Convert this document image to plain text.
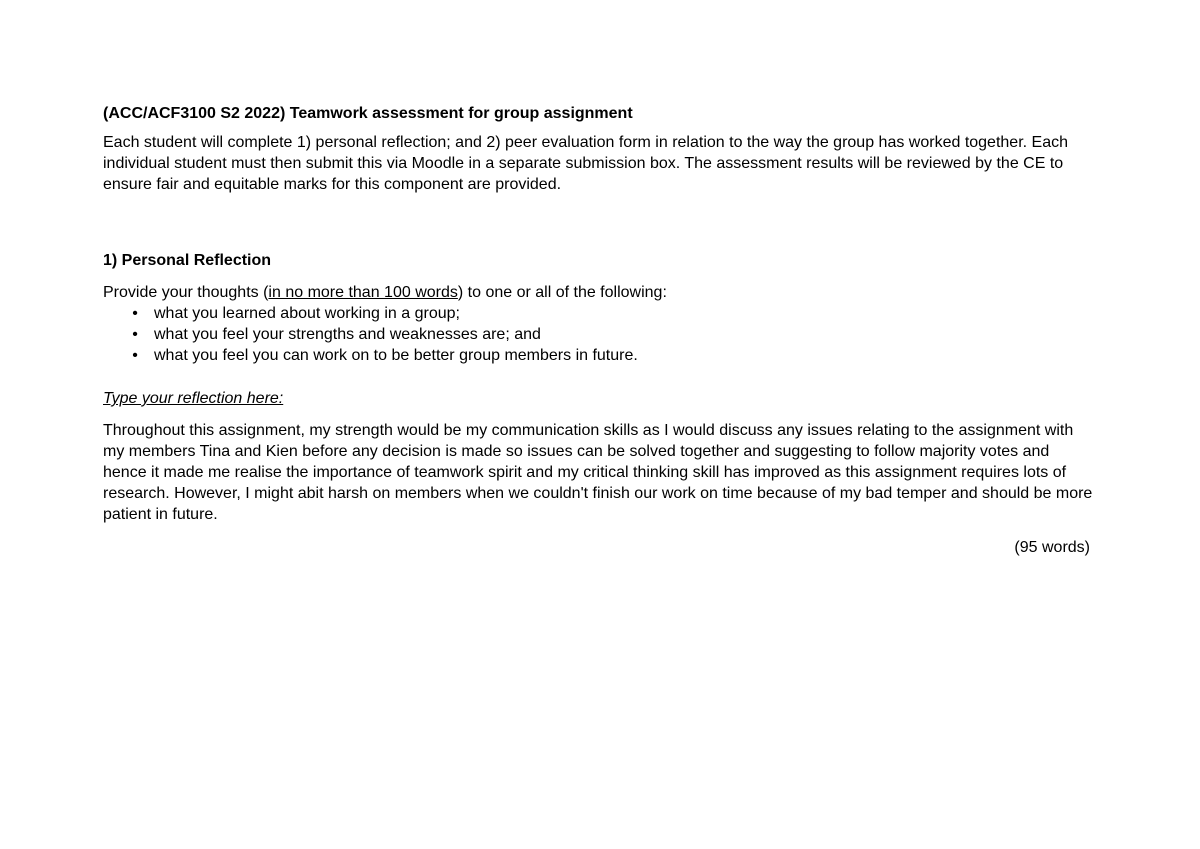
(ACC/ACF3100 S2 2022) Teamwork assessment for group assignment

Each student will complete 1) personal reflection; and 2) peer evaluation form in relation to the way the group has worked together. Each individual student must then submit this via Moodle in a separate submission box. The assessment results will be reviewed by the CE to ensure fair and equitable marks for this component are provided.

1) Personal Reflection

Provide your thoughts (in no more than 100 words) to one or all of the following:

• what you learned about working in a group;
• what you feel your strengths and weaknesses are; and
• what you feel you can work on to be better group members in future.

Type your reflection here:

Throughout this assignment, my strength would be my communication skills as I would discuss any issues relating to the assignment with my members Tina and Kien before any decision is made so issues can be solved together and suggesting to follow majority votes and hence it made me realise the importance of teamwork spirit and my critical thinking skill has improved as this assignment requires lots of research. However, I might abit harsh on members when we couldn't finish our work on time because of my bad temper and should be more patient in future.

(95 words)
